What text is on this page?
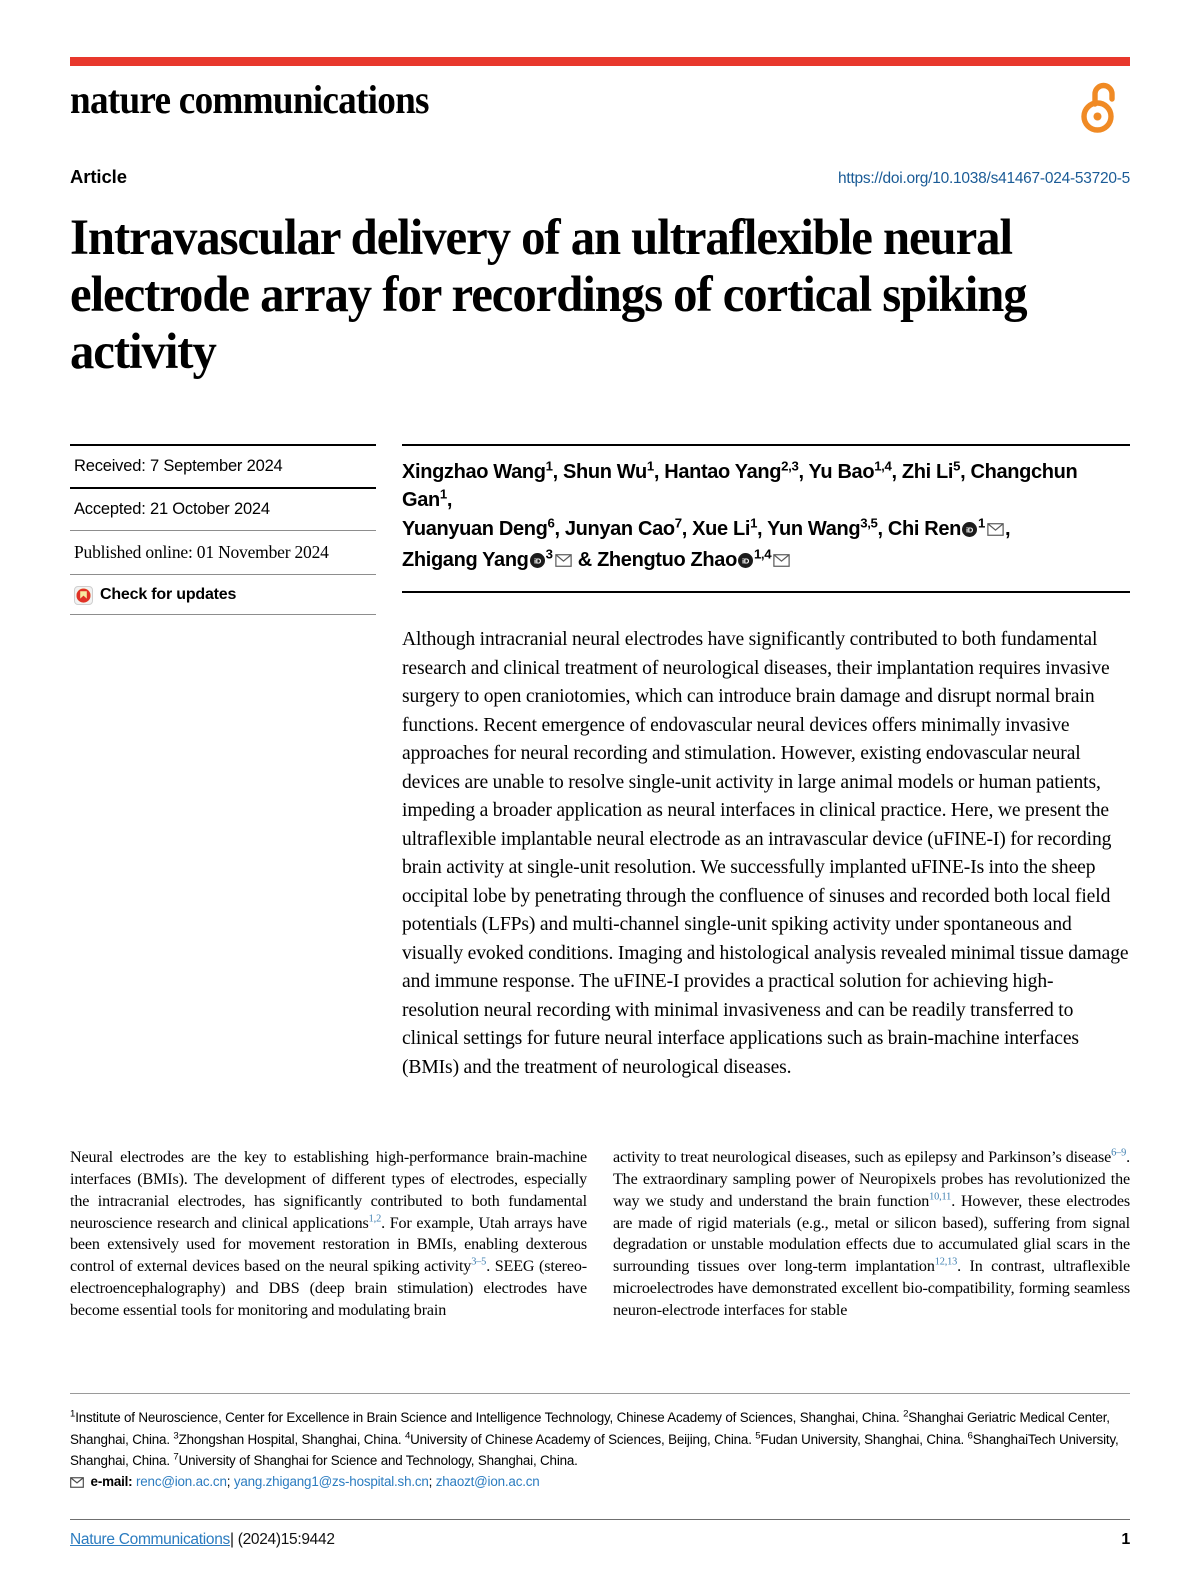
nature communications
Article	https://doi.org/10.1038/s41467-024-53720-5
Intravascular delivery of an ultraflexible neural electrode array for recordings of cortical spiking activity
Received: 7 September 2024
Accepted: 21 October 2024
Published online: 01 November 2024
Check for updates
Xingzhao Wang$^1$, Shun Wu$^1$, Hantao Yang$^{2,3}$, Yu Bao$^{1,4}$, Zhi Li$^5$, Changchun Gan$^1$,
Yuanyuan Deng$^6$, Junyan Cao$^7$, Xue Li$^1$, Yun Wang$^{3,5}$, Chi Ren iD $^1$ ,
Zhigang Yang iD $^3$ & Zhengtuo Zhao iD $^{1,4}$

Although intracranial neural electrodes have significantly contributed to both fundamental research and clinical treatment of neurological diseases, their implantation requires invasive surgery to open craniotomies, which can introduce brain damage and disrupt normal brain functions. Recent emergence of endovascular neural devices offers minimally invasive approaches for neural recording and stimulation. However, existing endovascular neural devices are unable to resolve single-unit activity in large animal models or human patients, impeding a broader application as neural interfaces in clinical practice. Here, we present the ultraflexible implantable neural electrode as an intravascular device (uFINE-I) for recording brain activity at single-unit resolution. We successfully implanted uFINE-Is into the sheep occipital lobe by penetrating through the confluence of sinuses and recorded both local field potentials (LFPs) and multi-channel single-unit spiking activity under spontaneous and visually evoked conditions. Imaging and histological analysis revealed minimal tissue damage and immune response. The uFINE-I provides a practical solution for achieving high-resolution neural recording with minimal invasiveness and can be readily transferred to clinical settings for future neural interface applications such as brain-machine interfaces (BMIs) and the treatment of neurological diseases.

Neural electrodes are the key to establishing high-performance brain-machine interfaces (BMIs). The development of different types of electrodes, especially the intracranial electrodes, has significantly contributed to both fundamental neuroscience research and clinical applications$^{1,2}$. For example, Utah arrays have been extensively used for movement restoration in BMIs, enabling dexterous control of external devices based on the neural spiking activity$^{3-5}$. SEEG (stereo-electroencephalography) and DBS (deep brain stimulation) electrodes have become essential tools for monitoring and modulating brain
activity to treat neurological diseases, such as epilepsy and Parkinson’s disease$^{6-9}$. The extraordinary sampling power of Neuropixels probes has revolutionized the way we study and understand the brain function$^{10,11}$. However, these electrodes are made of rigid materials (e.g., metal or silicon based), suffering from signal degradation or unstable modulation effects due to accumulated glial scars in the surrounding tissues over long-term implantation$^{12,13}$. In contrast, ultraflexible microelectrodes have demonstrated excellent bio-compatibility, forming seamless neuron-electrode interfaces for stable
$^1$Institute of Neuroscience, Center for Excellence in Brain Science and Intelligence Technology, Chinese Academy of Sciences, Shanghai, China. $^2$Shanghai Geriatric Medical Center, Shanghai, China. $^3$Zhongshan Hospital, Shanghai, China. $^4$University of Chinese Academy of Sciences, Beijing, China. $^5$Fudan University, Shanghai, China. $^6$ShanghaiTech University, Shanghai, China. $^7$University of Shanghai for Science and Technology, Shanghai, China.
e-mail: renc@ion.ac.cn; yang.zhigang1@zs-hospital.sh.cn; zhaozt@ion.ac.cn
Nature Communications| (2024)15:9442	1
